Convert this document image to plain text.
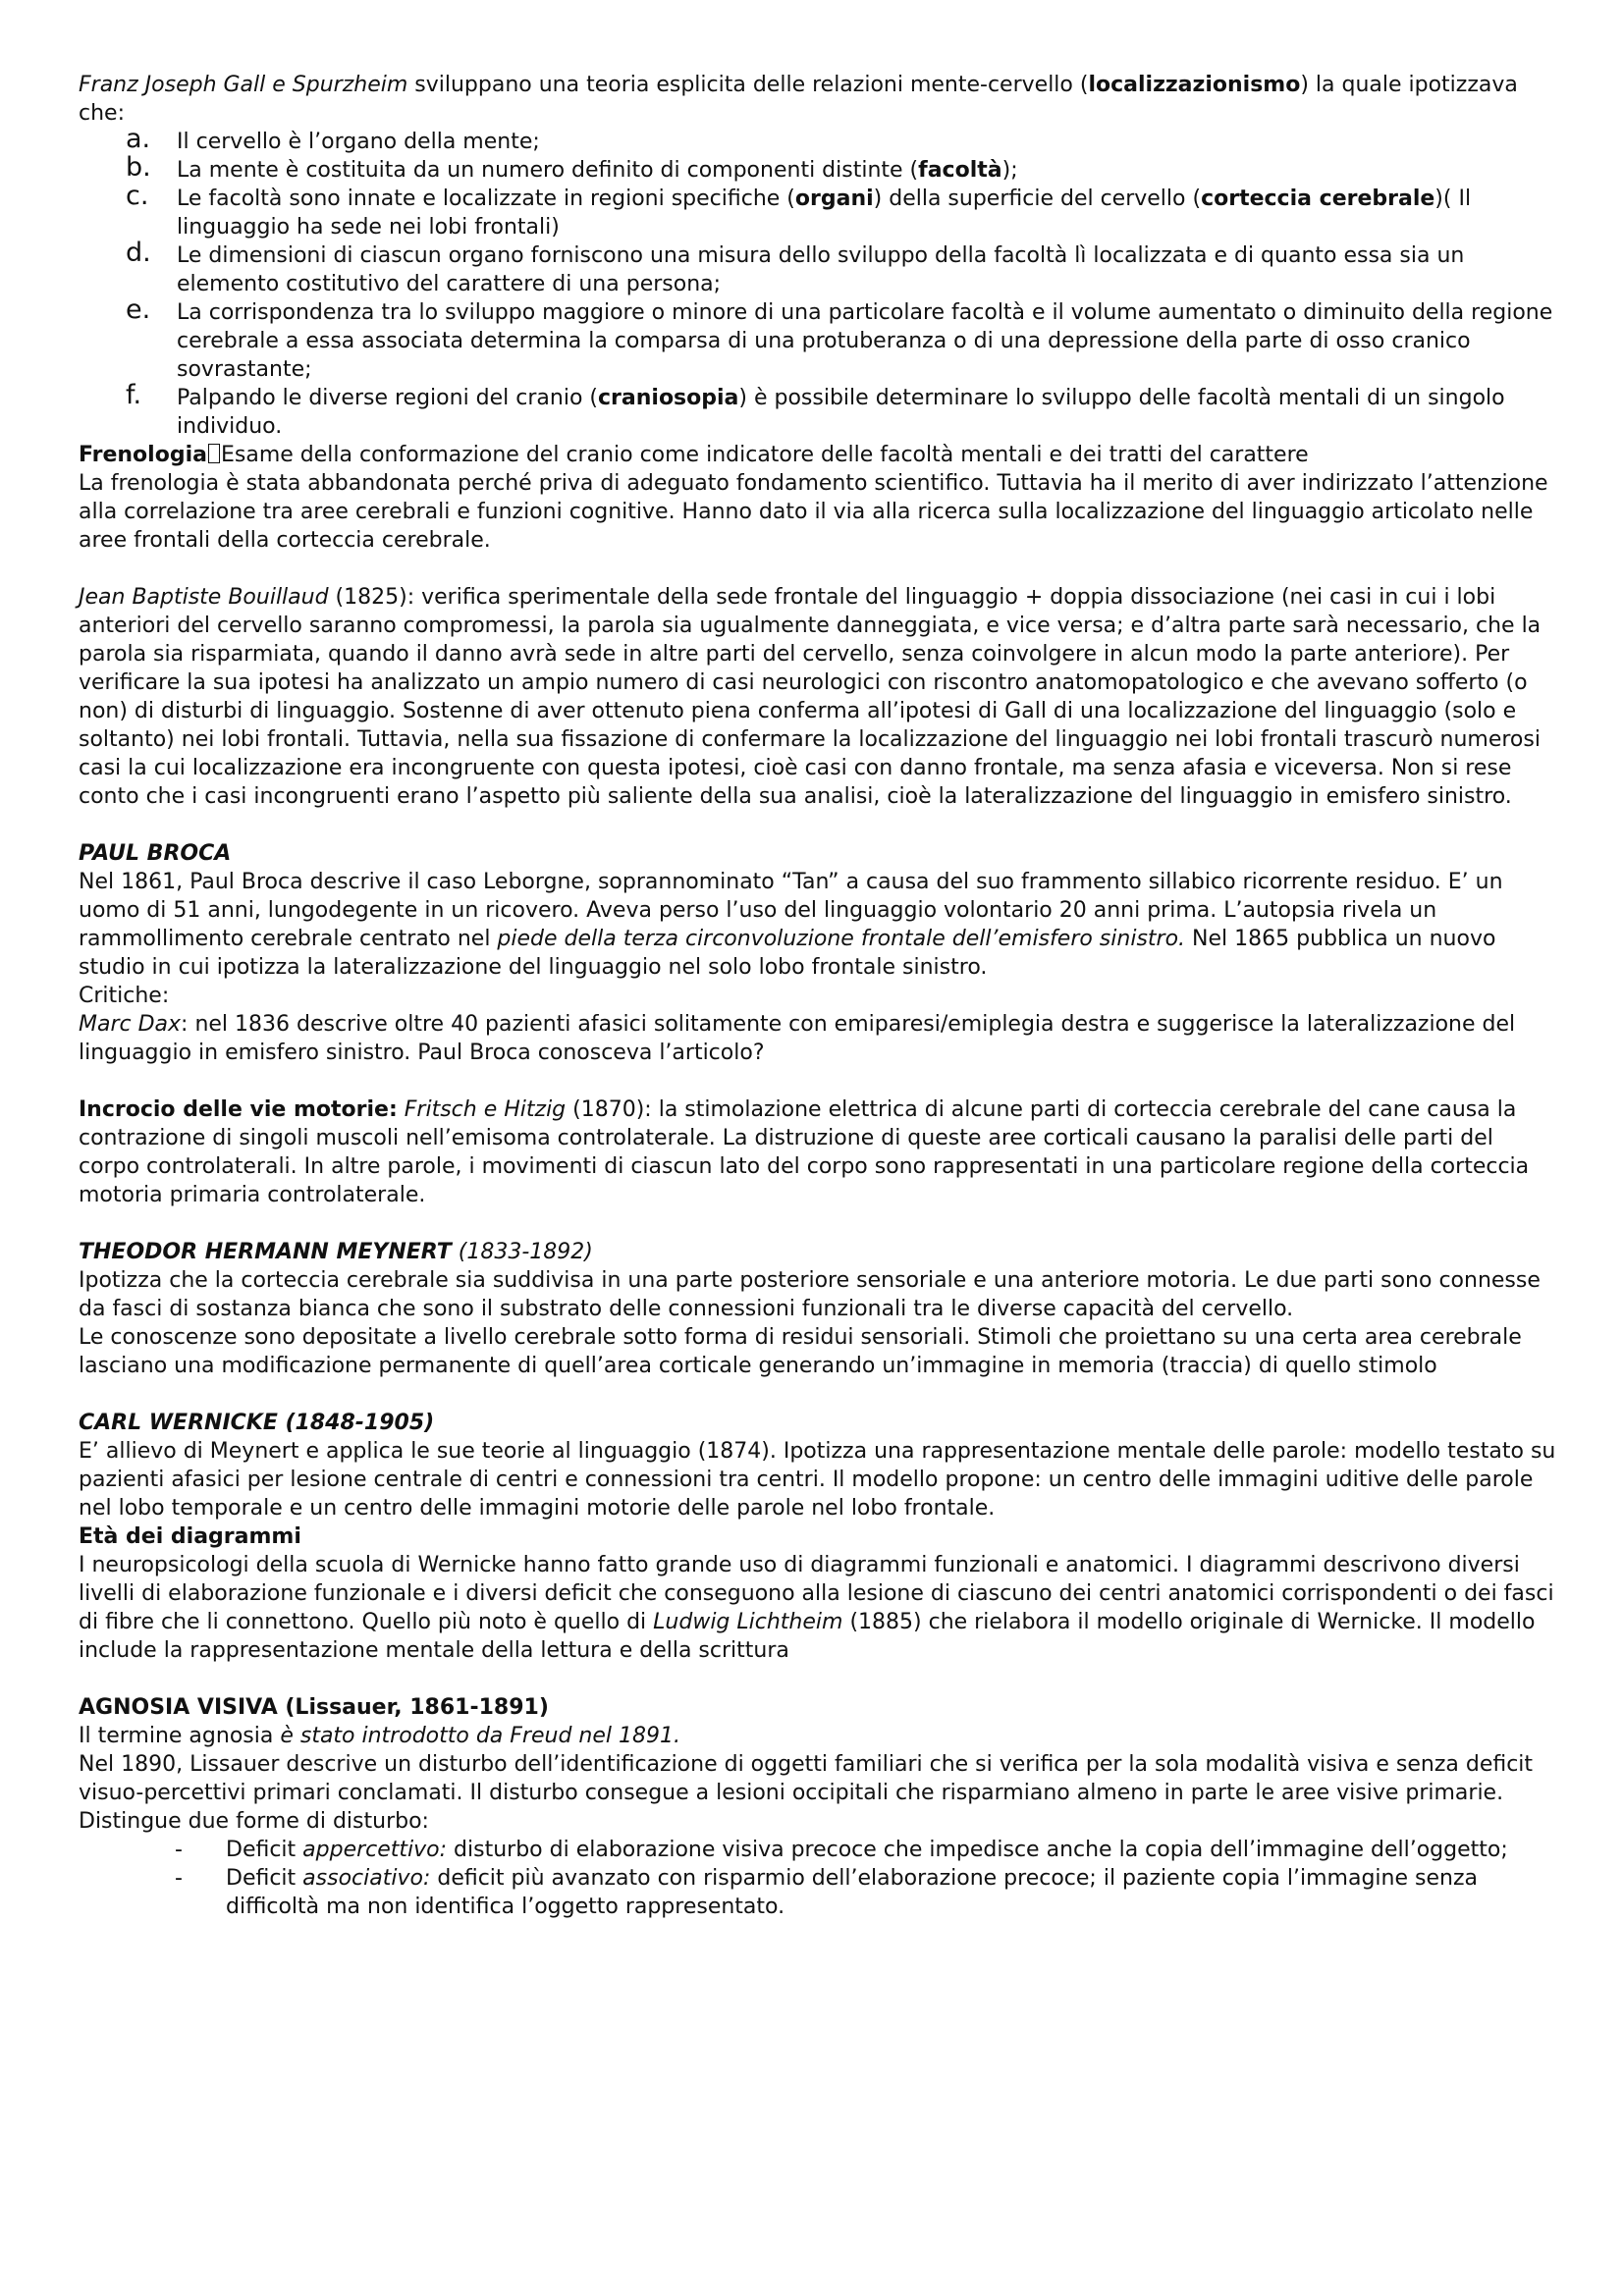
Franz Joseph Gall e Spurzheim sviluppano una teoria esplicita delle relazioni mente-cervello (localizzazionismo) la quale ipotizzava che:

a. Il cervello è l’organo della mente;
b. La mente è costituita da un numero definito di componenti distinte (facoltà);
c. Le facoltà sono innate e localizzate in regioni specifiche (organi) della superficie del cervello (corteccia cerebrale)( Il linguaggio ha sede nei lobi frontali)
d. Le dimensioni di ciascun organo forniscono una misura dello sviluppo della facoltà lì localizzata e di quanto essa sia un elemento costitutivo del carattere di una persona;
e. La corrispondenza tra lo sviluppo maggiore o minore di una particolare facoltà e il volume aumentato o diminuito della regione cerebrale a essa associata determina la comparsa di una protuberanza o di una depressione della parte di osso cranico sovrastante;
f. Palpando le diverse regioni del cranio (craniosopia) è possibile determinare lo sviluppo delle facoltà mentali di un singolo individuo.

Frenologia Esame della conformazione del cranio come indicatore delle facoltà mentali e dei tratti del carattere

La frenologia è stata abbandonata perché priva di adeguato fondamento scientifico. Tuttavia ha il merito di aver indirizzato l’attenzione alla correlazione tra aree cerebrali e funzioni cognitive. Hanno dato il via alla ricerca sulla localizzazione del linguaggio articolato nelle aree frontali della corteccia cerebrale.

Jean Baptiste Bouillaud (1825): verifica sperimentale della sede frontale del linguaggio + doppia dissociazione (nei casi in cui i lobi anteriori del cervello saranno compromessi, la parola sia ugualmente danneggiata, e vice versa; e d’altra parte sarà necessario, che la parola sia risparmiata, quando il danno avrà sede in altre parti del cervello, senza coinvolgere in alcun modo la parte anteriore). Per verificare la sua ipotesi ha analizzato un ampio numero di casi neurologici con riscontro anatomopatologico e che avevano sofferto (o non) di disturbi di linguaggio. Sostenne di aver ottenuto piena conferma all’ipotesi di Gall di una localizzazione del linguaggio (solo e soltanto) nei lobi frontali. Tuttavia, nella sua fissazione di confermare la localizzazione del linguaggio nei lobi frontali trascurò numerosi casi la cui localizzazione era incongruente con questa ipotesi, cioè casi con danno frontale, ma senza afasia e viceversa. Non si rese conto che i casi incongruenti erano l’aspetto più saliente della sua analisi, cioè la lateralizzazione del linguaggio in emisfero sinistro.

PAUL BROCA

Nel 1861, Paul Broca descrive il caso Leborgne, soprannominato “Tan” a causa del suo frammento sillabico ricorrente residuo. E’ un uomo di 51 anni, lungodegente in un ricovero. Aveva perso l’uso del linguaggio volontario 20 anni prima. L’autopsia rivela un rammollimento cerebrale centrato nel piede della terza circonvoluzione frontale dell’emisfero sinistro. Nel 1865 pubblica un nuovo studio in cui ipotizza la lateralizzazione del linguaggio nel solo lobo frontale sinistro.

Critiche:

Marc Dax: nel 1836 descrive oltre 40 pazienti afasici solitamente con emiparesi/emiplegia destra e suggerisce la lateralizzazione del linguaggio in emisfero sinistro. Paul Broca conosceva l’articolo?

Incrocio delle vie motorie: Fritsch e Hitzig (1870): la stimolazione elettrica di alcune parti di corteccia cerebrale del cane causa la contrazione di singoli muscoli nell’emisoma controlaterale. La distruzione di queste aree corticali causano la paralisi delle parti del corpo controlaterali. In altre parole, i movimenti di ciascun lato del corpo sono rappresentati in una particolare regione della corteccia motoria primaria controlaterale.

THEODOR HERMANN MEYNERT (1833-1892)

Ipotizza che la corteccia cerebrale sia suddivisa in una parte posteriore sensoriale e una anteriore motoria. Le due parti sono connesse da fasci di sostanza bianca che sono il substrato delle connessioni funzionali tra le diverse capacità del cervello.

Le conoscenze sono depositate a livello cerebrale sotto forma di residui sensoriali. Stimoli che proiettano su una certa area cerebrale lasciano una modificazione permanente di quell’area corticale generando un’immagine in memoria (traccia) di quello stimolo

CARL WERNICKE (1848-1905)

E’ allievo di Meynert e applica le sue teorie al linguaggio (1874). Ipotizza una rappresentazione mentale delle parole: modello testato su pazienti afasici per lesione centrale di centri e connessioni tra centri. Il modello propone: un centro delle immagini uditive delle parole nel lobo temporale e un centro delle immagini motorie delle parole nel lobo frontale.

Età dei diagrammi

I neuropsicologi della scuola di Wernicke hanno fatto grande uso di diagrammi funzionali e anatomici. I diagrammi descrivono diversi livelli di elaborazione funzionale e i diversi deficit che conseguono alla lesione di ciascuno dei centri anatomici corrispondenti o dei fasci di fibre che li connettono. Quello più noto è quello di Ludwig Lichtheim (1885) che rielabora il modello originale di Wernicke. Il modello include la rappresentazione mentale della lettura e della scrittura

AGNOSIA VISIVA (Lissauer, 1861-1891)

Il termine agnosia è stato introdotto da Freud nel 1891.

Nel 1890, Lissauer descrive un disturbo dell’identificazione di oggetti familiari che si verifica per la sola modalità visiva e senza deficit visuo-percettivi primari conclamati. Il disturbo consegue a lesioni occipitali che risparmiano almeno in parte le aree visive primarie. Distingue due forme di disturbo:

- Deficit appercettivo: disturbo di elaborazione visiva precoce che impedisce anche la copia dell’immagine dell’oggetto;
- Deficit associativo: deficit più avanzato con risparmio dell’elaborazione precoce; il paziente copia l’immagine senza difficoltà ma non identifica l’oggetto rappresentato.
